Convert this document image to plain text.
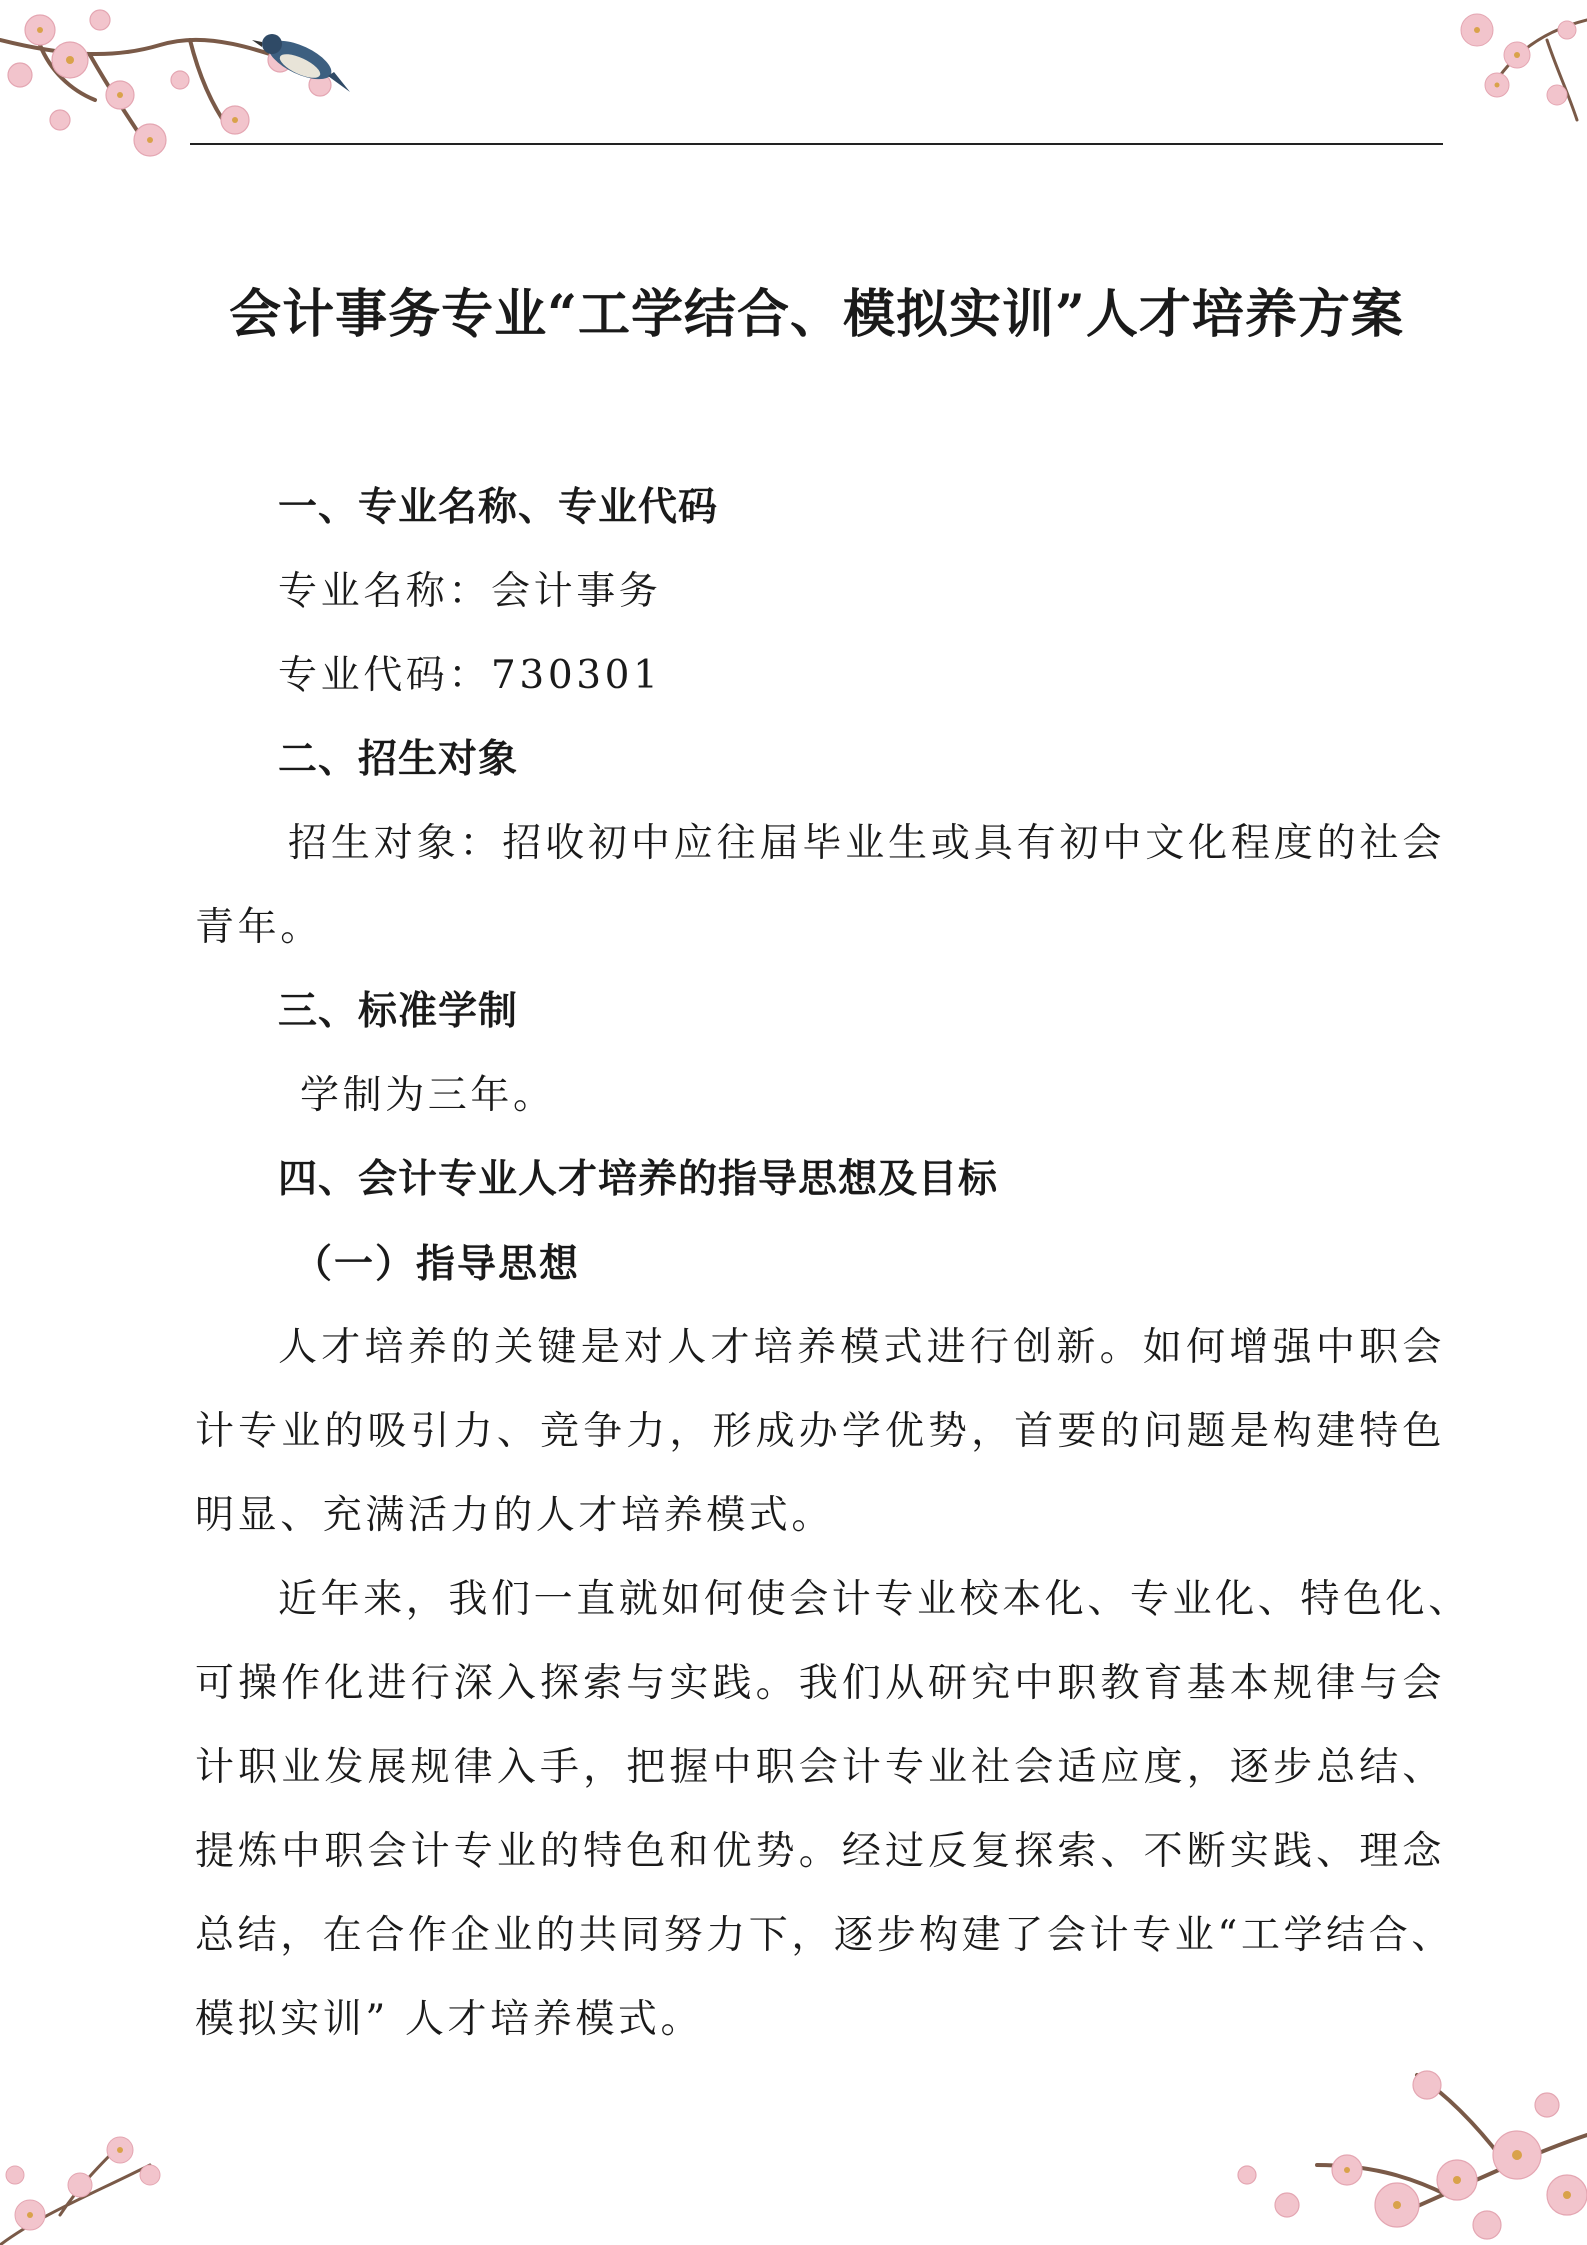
会计事务专业“工学结合、模拟实训”人才培养方案
一、专业名称、专业代码
专业名称：会计事务
专业代码：730301
二、招生对象
招生对象：招收初中应往届毕业生或具有初中文化程度的社会
青年。
三、标准学制
学制为三年。
四、会计专业人才培养的指导思想及目标
（一）指导思想
人才培养的关键是对人才培养模式进行创新。如何增强中职会
计专业的吸引力、竞争力，形成办学优势，首要的问题是构建特色
明显、充满活力的人才培养模式。
近年来，我们一直就如何使会计专业校本化、专业化、特色化、
可操作化进行深入探索与实践。我们从研究中职教育基本规律与会
计职业发展规律入手，把握中职会计专业社会适应度，逐步总结、
提炼中职会计专业的特色和优势。经过反复探索、不断实践、理念
总结，在合作企业的共同努力下，逐步构建了会计专业“工学结合、
模拟实训” 人才培养模式。
